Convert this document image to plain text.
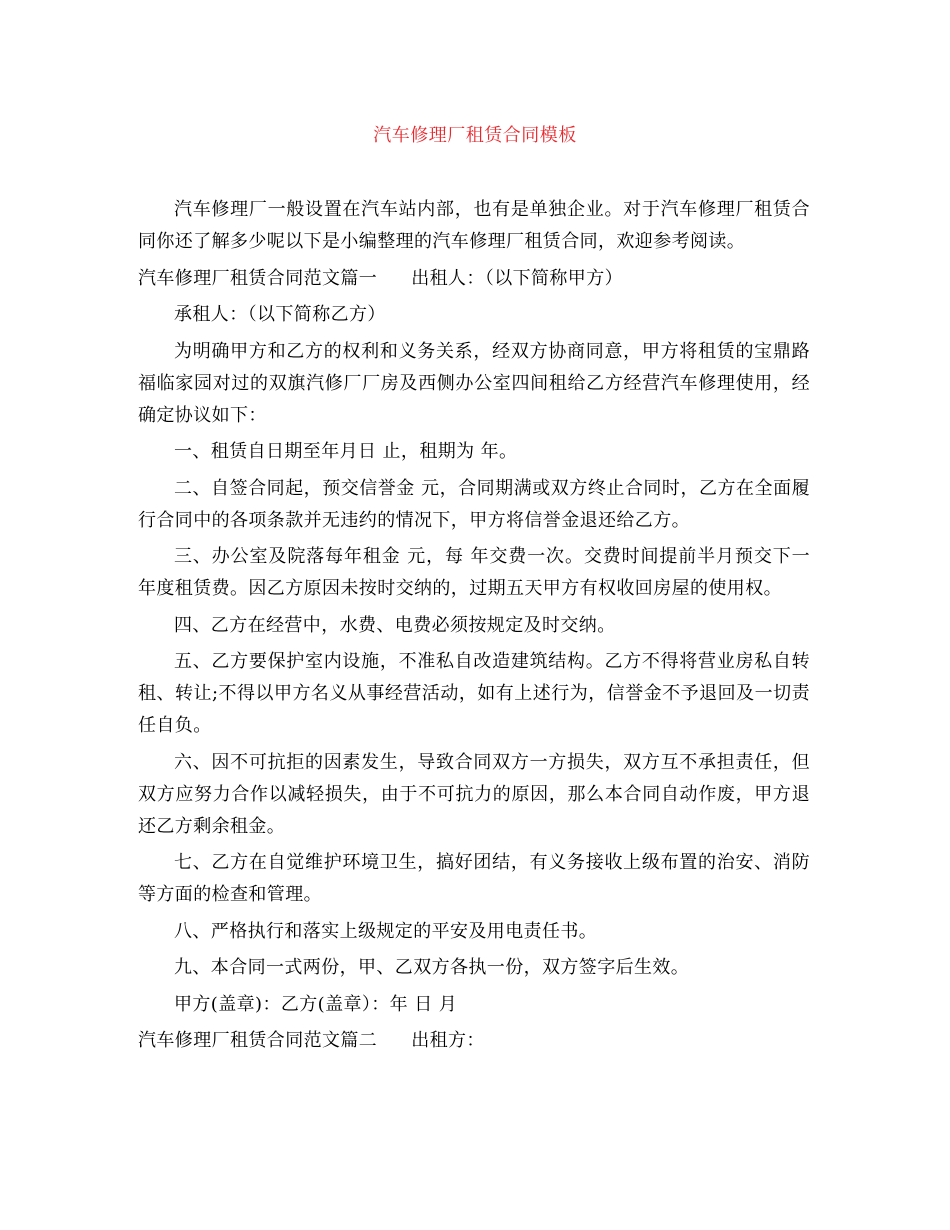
汽车修理厂租赁合同模板

汽车修理厂一般设置在汽车站内部，也有是单独企业。对于汽车修理厂租赁合同你还了解多少呢以下是小编整理的汽车修理厂租赁合同，欢迎参考阅读。

汽车修理厂租赁合同范文篇一 出租人：（以下简称甲方）

承租人：（以下简称乙方）

为明确甲方和乙方的权利和义务关系，经双方协商同意，甲方将租赁的宝鼎路福临家园对过的双旗汽修厂厂房及西侧办公室四间租给乙方经营汽车修理使用，经确定协议如下：

一、租赁自日期至年月日 止，租期为 年。

二、自签合同起，预交信誉金 元，合同期满或双方终止合同时，乙方在全面履行合同中的各项条款并无违约的情况下，甲方将信誉金退还给乙方。

三、办公室及院落每年租金 元，每 年交费一次。交费时间提前半月预交下一年度租赁费。因乙方原因未按时交纳的，过期五天甲方有权收回房屋的使用权。

四、乙方在经营中，水费、电费必须按规定及时交纳。

五、乙方要保护室内设施，不准私自改造建筑结构。乙方不得将营业房私自转租、转让;不得以甲方名义从事经营活动，如有上述行为，信誉金不予退回及一切责任自负。

六、因不可抗拒的因素发生，导致合同双方一方损失，双方互不承担责任，但双方应努力合作以减轻损失，由于不可抗力的原因，那么本合同自动作废，甲方退还乙方剩余租金。

七、乙方在自觉维护环境卫生，搞好团结，有义务接收上级布置的治安、消防等方面的检查和管理。

八、严格执行和落实上级规定的平安及用电责任书。

九、本合同一式两份，甲、乙双方各执一份，双方签字后生效。

甲方(盖章)：乙方(盖章）：年 日 月

汽车修理厂租赁合同范文篇二 出租方：
